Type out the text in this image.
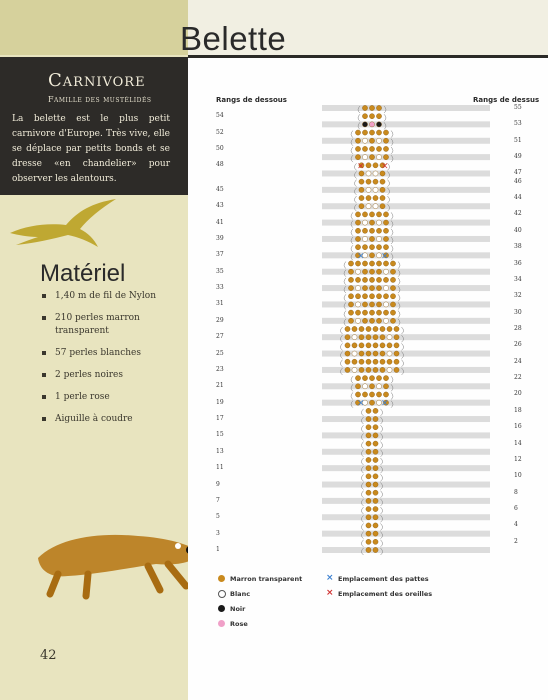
Belette
Carnivore
Famille des mustélidés
La belette est le plus petit carnivore d'Europe. Très vive, elle se déplace par petits bonds et se dresse «en chandelier» pour observer les alentours.
Matériel
1,40 m de fil de Nylon
210 perles marron transparent
57 perles blanches
2 perles noires
1 perle rose
Aiguille à coudre
42
× ×
× ×
× ×
Rangs de dessous	Rangs de dessus
54
52
50
48
45
43
41
39
37
35
33
31
29
27
25
23
21
19
17
15
13
11
9
7
5
3
1
55
53
51
49
47
46
44
42
40
38
36
34
32
30
28
26
24
22
20
18
16
14
12
10
8
6
4
2
Marron transparent
Blanc
Noir
Rose
× Emplacement des pattes
× Emplacement des oreilles
